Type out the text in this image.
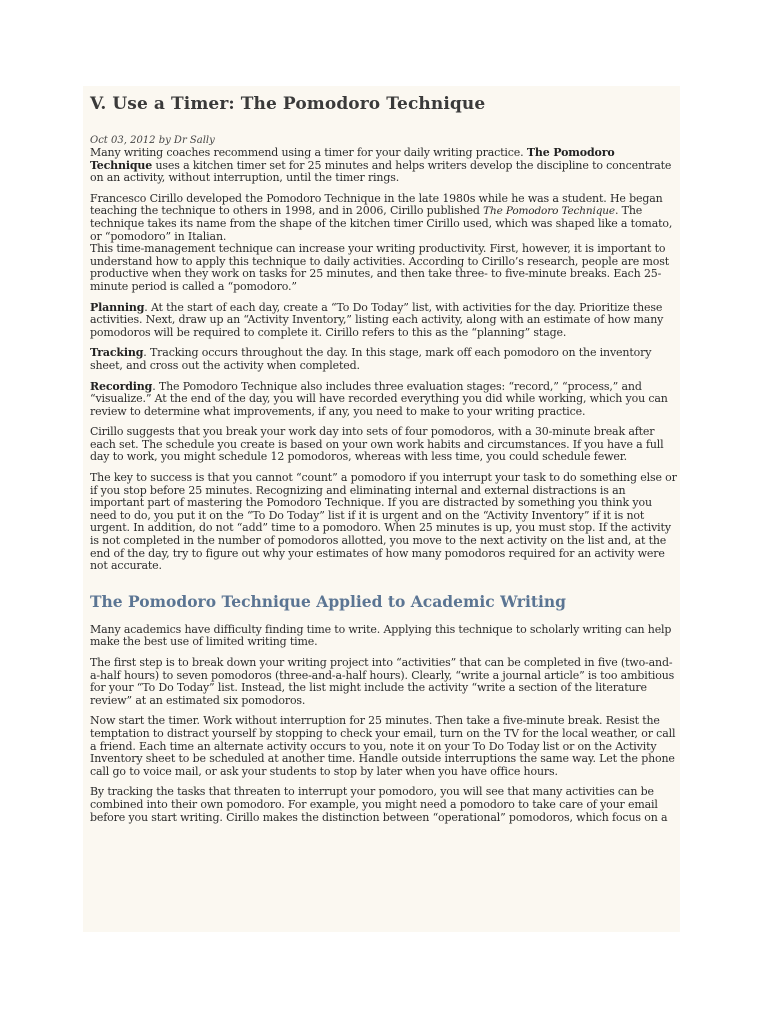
V. Use a Timer: The Pomodoro Technique
Oct 03, 2012 by Dr Sally

Many writing coaches recommend using a timer for your daily writing practice. The Pomodoro Technique uses a kitchen timer set for 25 minutes and helps writers develop the discipline to concentrate on an activity, without interruption, until the timer rings.

Francesco Cirillo developed the Pomodoro Technique in the late 1980s while he was a student. He began teaching the technique to others in 1998, and in 2006, Cirillo published The Pomodoro Technique. The technique takes its name from the shape of the kitchen timer Cirillo used, which was shaped like a tomato, or “pomodoro” in Italian.

This time-management technique can increase your writing productivity. First, however, it is important to understand how to apply this technique to daily activities. According to Cirillo’s research, people are most productive when they work on tasks for 25 minutes, and then take three- to five-minute breaks. Each 25-minute period is called a “pomodoro.”

Planning. At the start of each day, create a “To Do Today” list, with activities for the day. Prioritize these activities. Next, draw up an “Activity Inventory,” listing each activity, along with an estimate of how many pomodoros will be required to complete it. Cirillo refers to this as the “planning” stage.

Tracking. Tracking occurs throughout the day. In this stage, mark off each pomodoro on the inventory sheet, and cross out the activity when completed.

Recording. The Pomodoro Technique also includes three evaluation stages: “record,” “process,” and “visualize.” At the end of the day, you will have recorded everything you did while working, which you can review to determine what improvements, if any, you need to make to your writing practice.

Cirillo suggests that you break your work day into sets of four pomodoros, with a 30-minute break after each set. The schedule you create is based on your own work habits and circumstances. If you have a full day to work, you might schedule 12 pomodoros, whereas with less time, you could schedule fewer.

The key to success is that you cannot “count” a pomodoro if you interrupt your task to do something else or if you stop before 25 minutes. Recognizing and eliminating internal and external distractions is an important part of mastering the Pomodoro Technique. If you are distracted by something you think you need to do, you put it on the “To Do Today” list if it is urgent and on the “Activity Inventory” if it is not urgent. In addition, do not “add” time to a pomodoro. When 25 minutes is up, you must stop. If the activity is not completed in the number of pomodoros allotted, you move to the next activity on the list and, at the end of the day, try to figure out why your estimates of how many pomodoros required for an activity were not accurate.

The Pomodoro Technique Applied to Academic Writing

Many academics have difficulty finding time to write. Applying this technique to scholarly writing can help make the best use of limited writing time.

The first step is to break down your writing project into “activities” that can be completed in five (two-and-a-half hours) to seven pomodoros (three-and-a-half hours). Clearly, “write a journal article” is too ambitious for your “To Do Today” list. Instead, the list might include the activity “write a section of the literature review” at an estimated six pomodoros.

Now start the timer. Work without interruption for 25 minutes. Then take a five-minute break. Resist the temptation to distract yourself by stopping to check your email, turn on the TV for the local weather, or call a friend. Each time an alternate activity occurs to you, note it on your To Do Today list or on the Activity Inventory sheet to be scheduled at another time. Handle outside interruptions the same way. Let the phone call go to voice mail, or ask your students to stop by later when you have office hours.

By tracking the tasks that threaten to interrupt your pomodoro, you will see that many activities can be combined into their own pomodoro. For example, you might need a pomodoro to take care of your email before you start writing. Cirillo makes the distinction between “operational” pomodoros, which focus on a
